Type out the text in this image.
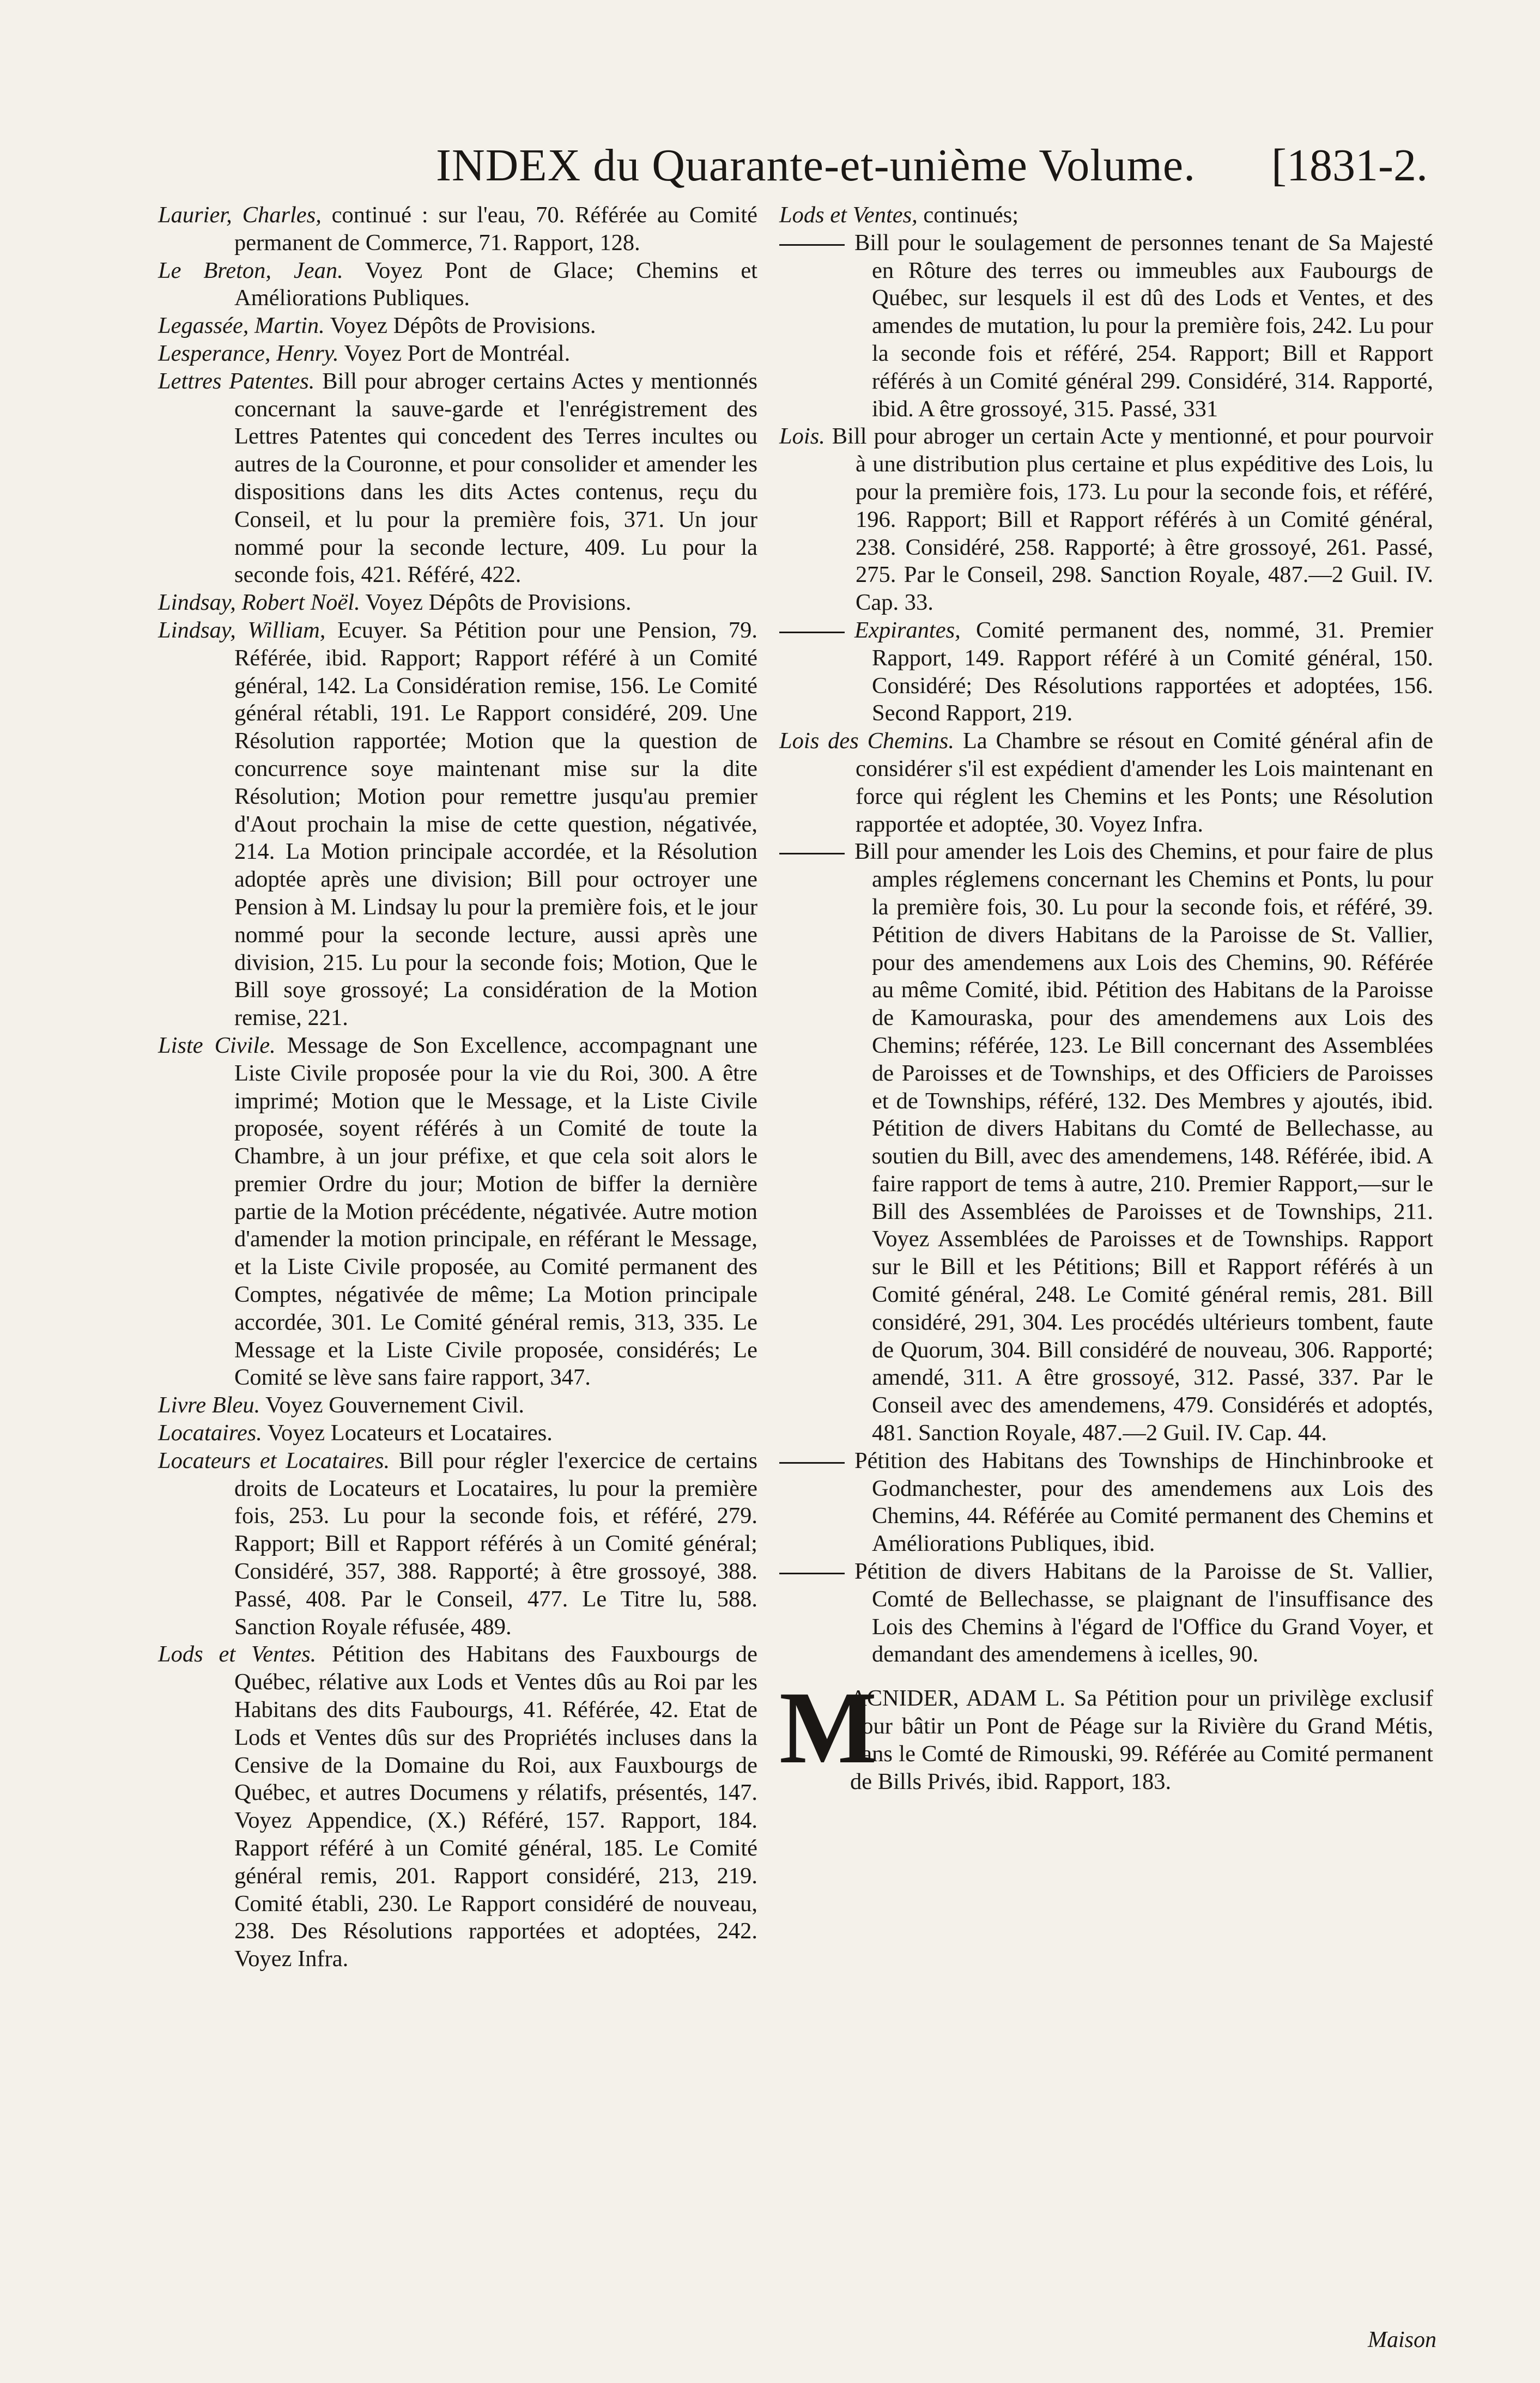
INDEX du Quarante-et-unième Volume. [1831-2.

Laurier, Charles, continué : sur l'eau, 70. Référée au Comité permanent de Commerce, 71. Rapport, 128.

Le Breton, Jean. Voyez Pont de Glace; Chemins et Améliorations Publiques.

Legassée, Martin. Voyez Dépôts de Provisions.

Lesperance, Henry. Voyez Port de Montréal.

Lettres Patentes. Bill pour abroger certains Actes y mentionnés concernant la sauve-garde et l'enrégistrement des Lettres Patentes qui concedent des Terres incultes ou autres de la Couronne, et pour consolider et amender les dispositions dans les dits Actes contenus, reçu du Conseil, et lu pour la première fois, 371. Un jour nommé pour la seconde lecture, 409. Lu pour la seconde fois, 421. Référé, 422.

Lindsay, Robert Noël. Voyez Dépôts de Provisions.

Lindsay, William, Ecuyer. Sa Pétition pour une Pension, 79. Référée, ibid. Rapport; Rapport référé à un Comité général, 142. La Considération remise, 156. Le Comité général rétabli, 191. Le Rapport considéré, 209. Une Résolution rapportée; Motion que la question de concurrence soye maintenant mise sur la dite Résolution; Motion pour remettre jusqu'au premier d'Aout prochain la mise de cette question, négativée, 214. La Motion principale accordée, et la Résolution adoptée après une division; Bill pour octroyer une Pension à M. Lindsay lu pour la première fois, et le jour nommé pour la seconde lecture, aussi après une division, 215. Lu pour la seconde fois; Motion, Que le Bill soye grossoyé; La considération de la Motion remise, 221.

Liste Civile. Message de Son Excellence, accompagnant une Liste Civile proposée pour la vie du Roi, 300. A être imprimé; Motion que le Message, et la Liste Civile proposée, soyent référés à un Comité de toute la Chambre, à un jour préfixe, et que cela soit alors le premier Ordre du jour; Motion de biffer la dernière partie de la Motion précédente, négativée. Autre motion d'amender la motion principale, en référant le Message, et la Liste Civile proposée, au Comité permanent des Comptes, négativée de même; La Motion principale accordée, 301. Le Comité général remis, 313, 335. Le Message et la Liste Civile proposée, considérés; Le Comité se lève sans faire rapport, 347.

Livre Bleu. Voyez Gouvernement Civil.

Locataires. Voyez Locateurs et Locataires.

Locateurs et Locataires. Bill pour régler l'exercice de certains droits de Locateurs et Locataires, lu pour la première fois, 253. Lu pour la seconde fois, et référé, 279. Rapport; Bill et Rapport référés à un Comité général; Considéré, 357, 388. Rapporté; à être grossoyé, 388. Passé, 408. Par le Conseil, 477. Le Titre lu, 588. Sanction Royale réfusée, 489.

Lods et Ventes. Pétition des Habitans des Fauxbourgs de Québec, rélative aux Lods et Ventes dûs au Roi par les Habitans des dits Faubourgs, 41. Référée, 42. Etat de Lods et Ventes dûs sur des Propriétés incluses dans la Censive de la Domaine du Roi, aux Fauxbourgs de Québec, et autres Documens y rélatifs, présentés, 147. Voyez Appendice, (X.) Référé, 157. Rapport, 184. Rapport référé à un Comité général, 185. Le Comité général remis, 201. Rapport considéré, 213, 219. Comité établi, 230. Le Rapport considéré de nouveau, 238. Des Résolutions rapportées et adoptées, 242. Voyez Infra.

Lods et Ventes, continués;

Bill pour le soulagement de personnes tenant de Sa Majesté en Rôture des terres ou immeubles aux Faubourgs de Québec, sur lesquels il est dû des Lods et Ventes, et des amendes de mutation, lu pour la première fois, 242. Lu pour la seconde fois et référé, 254. Rapport; Bill et Rapport référés à un Comité général 299. Considéré, 314. Rapporté, ibid. A être grossoyé, 315. Passé, 331

Lois. Bill pour abroger un certain Acte y mentionné, et pour pourvoir à une distribution plus certaine et plus expéditive des Lois, lu pour la première fois, 173. Lu pour la seconde fois, et référé, 196. Rapport; Bill et Rapport référés à un Comité général, 238. Considéré, 258. Rapporté; à être grossoyé, 261. Passé, 275. Par le Conseil, 298. Sanction Royale, 487.—2 Guil. IV. Cap. 33.

Expirantes, Comité permanent des, nommé, 31. Premier Rapport, 149. Rapport référé à un Comité général, 150. Considéré; Des Résolutions rapportées et adoptées, 156. Second Rapport, 219.

Lois des Chemins. La Chambre se résout en Comité général afin de considérer s'il est expédient d'amender les Lois maintenant en force qui réglent les Chemins et les Ponts; une Résolution rapportée et adoptée, 30. Voyez Infra.

Bill pour amender les Lois des Chemins, et pour faire de plus amples réglemens concernant les Chemins et Ponts, lu pour la première fois, 30. Lu pour la seconde fois, et référé, 39. Pétition de divers Habitans de la Paroisse de St. Vallier, pour des amendemens aux Lois des Chemins, 90. Référée au même Comité, ibid. Pétition des Habitans de la Paroisse de Kamouraska, pour des amendemens aux Lois des Chemins; référée, 123. Le Bill concernant des Assemblées de Paroisses et de Townships, et des Officiers de Paroisses et de Townships, référé, 132. Des Membres y ajoutés, ibid. Pétition de divers Habitans du Comté de Bellechasse, au soutien du Bill, avec des amendemens, 148. Référée, ibid. A faire rapport de tems à autre, 210. Premier Rapport,—sur le Bill des Assemblées de Paroisses et de Townships, 211. Voyez Assemblées de Paroisses et de Townships. Rapport sur le Bill et les Pétitions; Bill et Rapport référés à un Comité général, 248. Le Comité général remis, 281. Bill considéré, 291, 304. Les procédés ultérieurs tombent, faute de Quorum, 304. Bill considéré de nouveau, 306. Rapporté; amendé, 311. A être grossoyé, 312. Passé, 337. Par le Conseil avec des amendemens, 479. Considérés et adoptés, 481. Sanction Royale, 487.—2 Guil. IV. Cap. 44.

Pétition des Habitans des Townships de Hinchinbrooke et Godmanchester, pour des amendemens aux Lois des Chemins, 44. Référée au Comité permanent des Chemins et Améliorations Publiques, ibid.

Pétition de divers Habitans de la Paroisse de St. Vallier, Comté de Bellechasse, se plaignant de l'insuffisance des Lois des Chemins à l'égard de l'Office du Grand Voyer, et demandant des amendemens à icelles, 90.

M
ACNIDER, ADAM L. Sa Pétition pour un privilège exclusif pour bâtir un Pont de Péage sur la Rivière du Grand Métis, dans le Comté de Rimouski, 99. Référée au Comité permanent de Bills Privés, ibid. Rapport, 183.
Maison
